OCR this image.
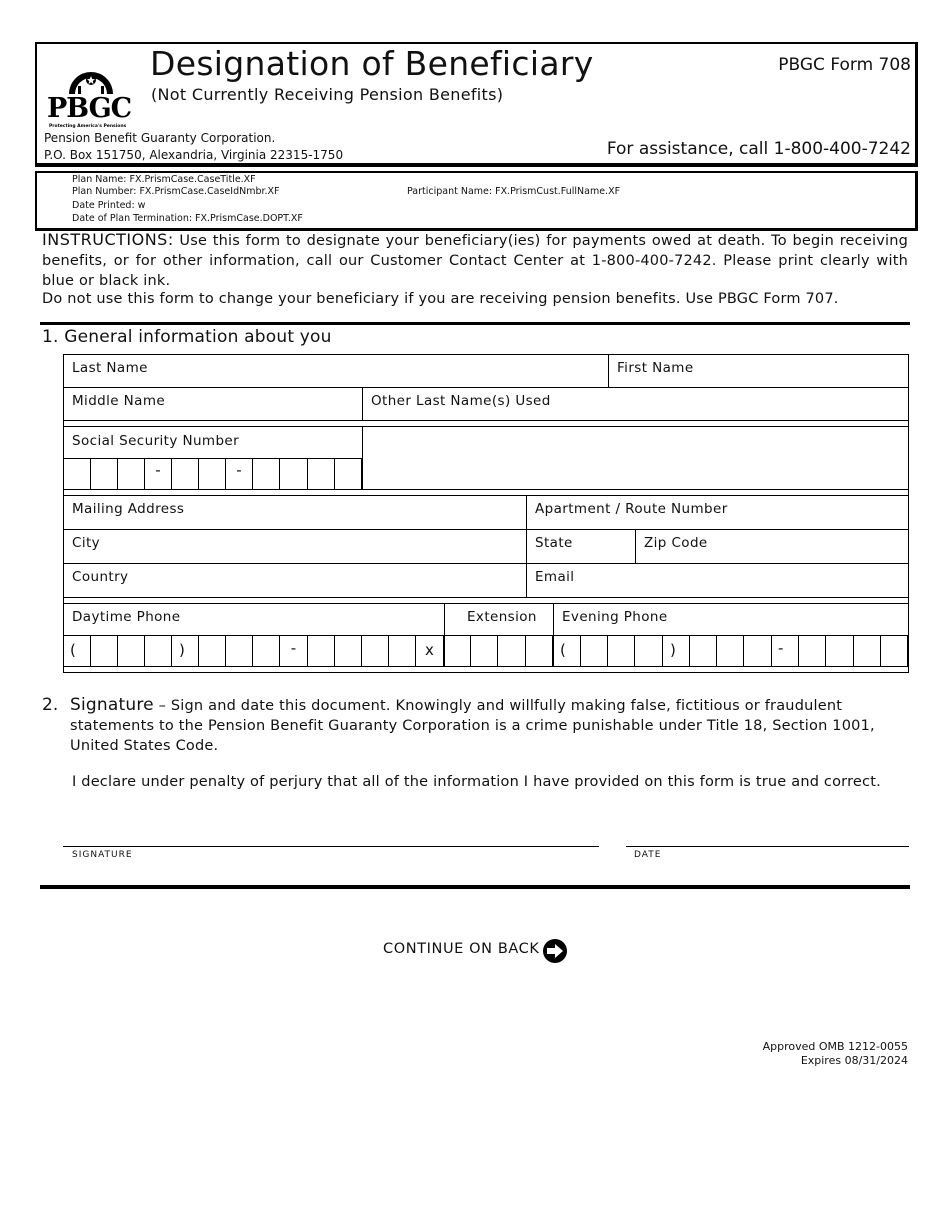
PBGC
Protecting America's Pensions
Designation of Beneficiary
(Not Currently Receiving Pension Benefits)
PBGC Form 708
Pension Benefit Guaranty Corporation.
P.O. Box 151750, Alexandria, Virginia 22315-1750	For assistance, call 1-800-400-7242
Plan Name: FX.PrismCase.CaseTitle.XF
Plan Number: FX.PrismCase.CaseIdNmbr.XF	Participant Name: FX.PrismCust.FullName.XF
Date Printed: w
Date of Plan Termination: FX.PrismCase.DOPT.XF
INSTRUCTIONS: Use this form to designate your beneficiary(ies) for payments owed at death. To begin receiving benefits, or for other information, call our Customer Contact Center at 1-800-400-7242. Please print clearly with blue or black ink.
Do not use this form to change your beneficiary if you are receiving pension benefits. Use PBGC Form 707.
1. General information about you
Last Name	First Name
Middle Name	Other Last Name(s) Used
Social Security Number
-	-
Mailing Address	Apartment / Route Number
City	State	Zip Code
Country	Email
Daytime Phone	Extension Evening Phone
(	)	-	x	(	)	-
2. Signature – Sign and date this document. Knowingly and willfully making false, fictitious or fraudulent statements to the Pension Benefit Guaranty Corporation is a crime punishable under Title 18, Section 1001, United States Code.
I declare under penalty of perjury that all of the information I have provided on this form is true and correct.
SIGNATURE	DATE
CONTINUE ON BACK
Approved OMB 1212-0055
Expires 08/31/2024
